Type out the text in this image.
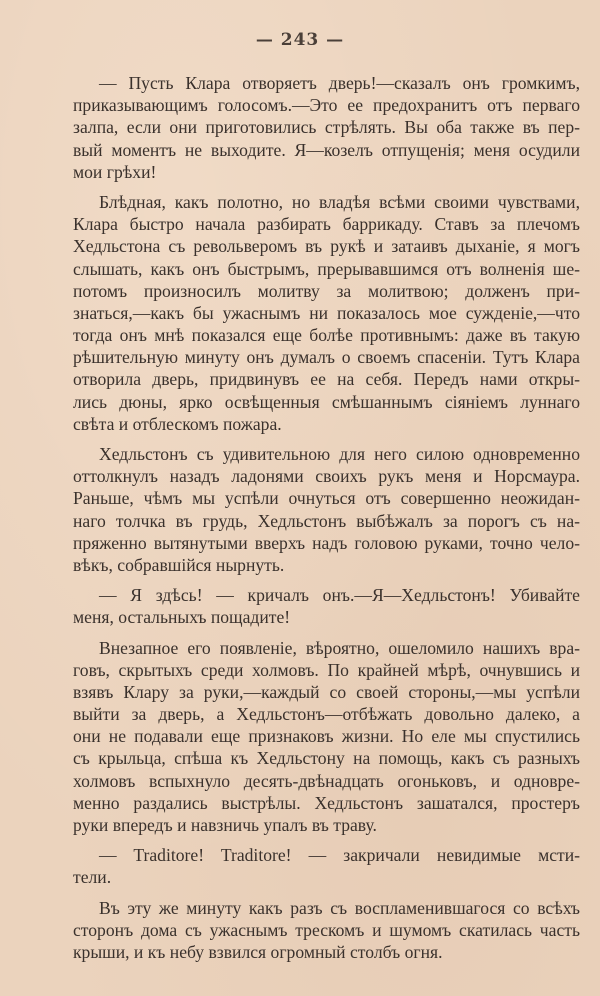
— 243 —
— Пусть Клара отворяетъ дверь!—сказалъ онъ громкимъ,
приказывающимъ голосомъ.—Это ее предохранитъ отъ перваго
залпа, если они приготовились стрѣлять. Вы оба также въ пер-
вый моментъ не выходите. Я—козелъ отпущенія; меня осудили
мои грѣхи!
Блѣдная, какъ полотно, но владѣя всѣми своими чувствами,
Клара быстро начала разбирать баррикаду. Ставъ за плечомъ
Хедльстона съ револьверомъ въ рукѣ и затаивъ дыханіе, я могъ
слышать, какъ онъ быстрымъ, прерывавшимся отъ волненія ше-
потомъ произносилъ молитву за молитвою; долженъ при-
знаться,—какъ бы ужаснымъ ни показалось мое сужденіе,—что
тогда онъ мнѣ показался еще болѣе противнымъ: даже въ такую
рѣшительную минуту онъ думалъ о своемъ спасеніи. Тутъ Клара
отворила дверь, придвинувъ ее на себя. Передъ нами откры-
лись дюны, ярко освѣщенныя смѣшаннымъ сіяніемъ луннаго
свѣта и отблескомъ пожара.
Хедльстонъ съ удивительною для него силою одновременно
оттолкнулъ назадъ ладонями своихъ рукъ меня и Норсмаура.
Раньше, чѣмъ мы успѣли очнуться отъ совершенно неожидан-
наго толчка въ грудь, Хедльстонъ выбѣжалъ за порогъ съ на-
пряженно вытянутыми вверхъ надъ головою руками, точно чело-
вѣкъ, собравшійся нырнуть.
— Я здѣсь! — кричалъ онъ.—Я—Хедльстонъ! Убивайте
меня, остальныхъ пощадите!
Внезапное его появленіе, вѣроятно, ошеломило нашихъ вра-
говъ, скрытыхъ среди холмовъ. По крайней мѣрѣ, очнувшись и
взявъ Клару за руки,—каждый со своей стороны,—мы успѣли
выйти за дверь, а Хедльстонъ—отбѣжать довольно далеко, а
они не подавали еще признаковъ жизни. Но еле мы спустились
съ крыльца, спѣша къ Хедльстону на помощь, какъ съ разныхъ
холмовъ вспыхнуло десять-двѣнадцать огоньковъ, и одновре-
менно раздались выстрѣлы. Хедльстонъ зашатался, простеръ
руки впередъ и навзничь упалъ въ траву.
— Traditore! Traditore! — закричали невидимые мсти-
тели.
Въ эту же минуту какъ разъ съ воспламенившагося со всѣхъ
сторонъ дома съ ужаснымъ трескомъ и шумомъ скатилась часть
крыши, и къ небу взвился огромный столбъ огня.
